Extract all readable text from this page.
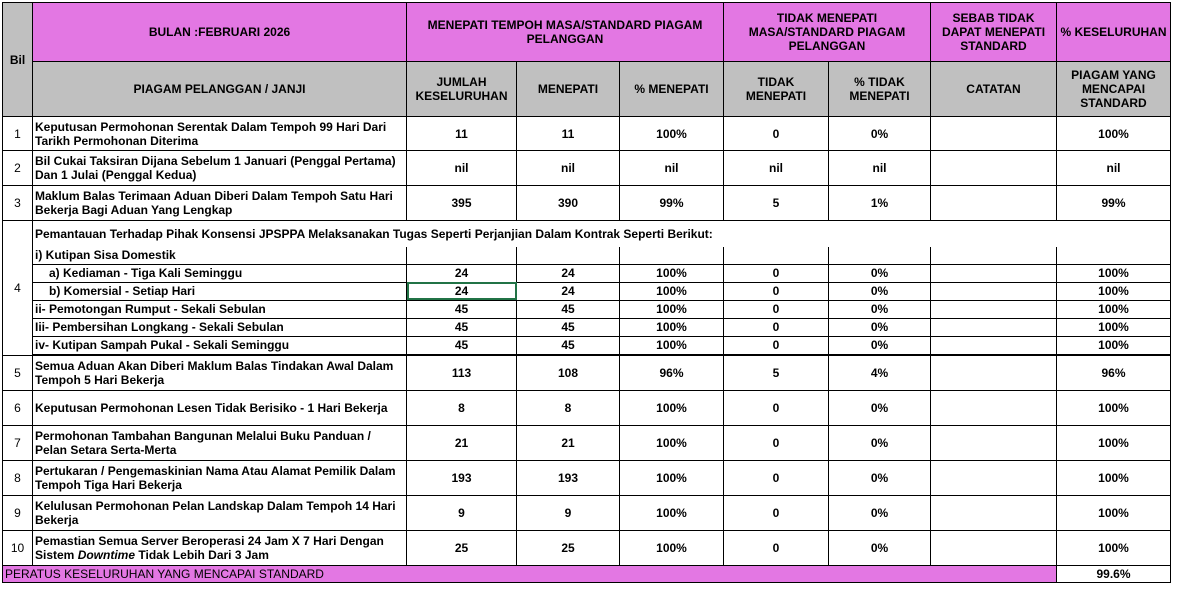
Bil	BULAN :FEBRUARI 2026	MENEPATI TEMPOH MASA/STANDARD PIAGAM PELANGGAN			TIDAK MENEPATI MASA/STANDARD PIAGAM PELANGGAN		SEBAB TIDAK DAPAT MENEPATI STANDARD	% KESELURUHAN
	PIAGAM PELANGGAN / JANJI	JUMLAH KESELURUHAN	MENEPATI	% MENEPATI	TIDAK MENEPATI	% TIDAK MENEPATI	CATATAN	PIAGAM YANG MENCAPAI STANDARD
1	Keputusan Permohonan Serentak Dalam Tempoh 99 Hari Dari Tarikh Permohonan Diterima	11	11	100%	0	0%		100%
2	Bil Cukai Taksiran Dijana Sebelum 1 Januari (Penggal Pertama) Dan 1 Julai (Penggal Kedua)	nil	nil	nil	nil	nil		nil
3	Maklum Balas Terimaan Aduan Diberi Dalam Tempoh Satu Hari Bekerja Bagi Aduan Yang Lengkap	395	390	99%	5	1%		99%
4	Pemantauan Terhadap Pihak Konsensi JPSPPA Melaksanakan Tugas Seperti Perjanjian Dalam Kontrak Seperti Berikut:							
	i) Kutipan Sisa Domestik							
	a) Kediaman - Tiga Kali Seminggu	24	24	100%	0	0%		100%
	b) Komersial - Setiap Hari	24	24	100%	0	0%		100%
	ii- Pemotongan Rumput - Sekali Sebulan	45	45	100%	0	0%		100%
	Iii- Pembersihan Longkang - Sekali Sebulan	45	45	100%	0	0%		100%
	iv- Kutipan Sampah Pukal - Sekali Seminggu	45	45	100%	0	0%		100%

5	Semua Aduan Akan Diberi Maklum Balas Tindakan Awal Dalam Tempoh 5 Hari Bekerja	113	108	96%	5	4%		96%
6	Keputusan Permohonan Lesen Tidak Berisiko - 1 Hari Bekerja	8	8	100%	0	0%		100%
7	Permohonan Tambahan Bangunan Melalui Buku Panduan / Pelan Setara Serta-Merta	21	21	100%	0	0%		100%
8	Pertukaran / Pengemaskinian Nama Atau Alamat Pemilik Dalam Tempoh Tiga Hari Bekerja	193	193	100%	0	0%		100%
9	Kelulusan Permohonan Pelan Landskap Dalam Tempoh 14 Hari Bekerja	9	9	100%	0	0%		100%
10	Pemastian Semua Server Beroperasi 24 Jam X 7 Hari Dengan Sistem Downtime Tidak Lebih Dari 3 Jam	25	25	100%	0	0%		100%
PERATUS KESELURUHAN YANG MENCAPAI STANDARD								99.6%
